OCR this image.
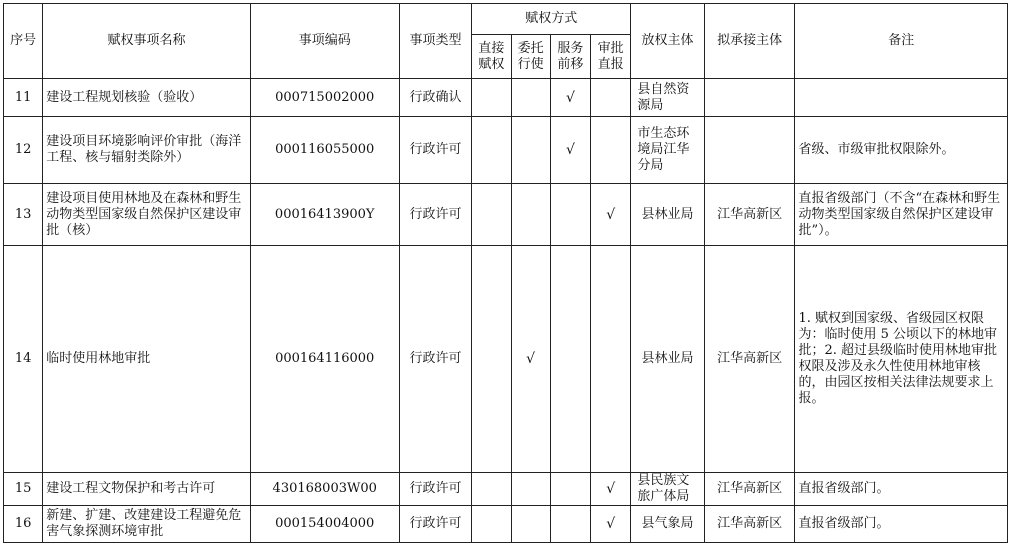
序号	赋权事项名称	事项编码	事项类型	赋权方式				放权主体	拟承接主体	备注
				直接赋权	委托行使	服务前移	审批直报			
11	建设工程规划核验（验收）	000715002000	行政确认			√		县自然资源局		
12	建设项目环境影响评价审批（海洋工程、核与辐射类除外）	000116055000	行政许可			√		市生态环境局江华分局		省级、市级审批权限除外。
13	建设项目使用林地及在森林和野生动物类型国家级自然保护区建设审批（核）	00016413900Y	行政许可				√	县林业局	江华高新区	直报省级部门（不含“在森林和野生动物类型国家级自然保护区建设审批”）。
14	临时使用林地审批	000164116000	行政许可		√			县林业局	江华高新区	1. 赋权到国家级、省级园区权限为：临时使用 5 公顷以下的林地审批；2. 超过县级临时使用林地审批权限及涉及永久性使用林地审核的，由园区按相关法律法规要求上报。
15	建设工程文物保护和考古许可	430168003W00	行政许可				√	县民族文旅广体局	江华高新区	直报省级部门。
16	新建、扩建、改建建设工程避免危害气象探测环境审批	000154004000	行政许可				√	县气象局	江华高新区	直报省级部门。
